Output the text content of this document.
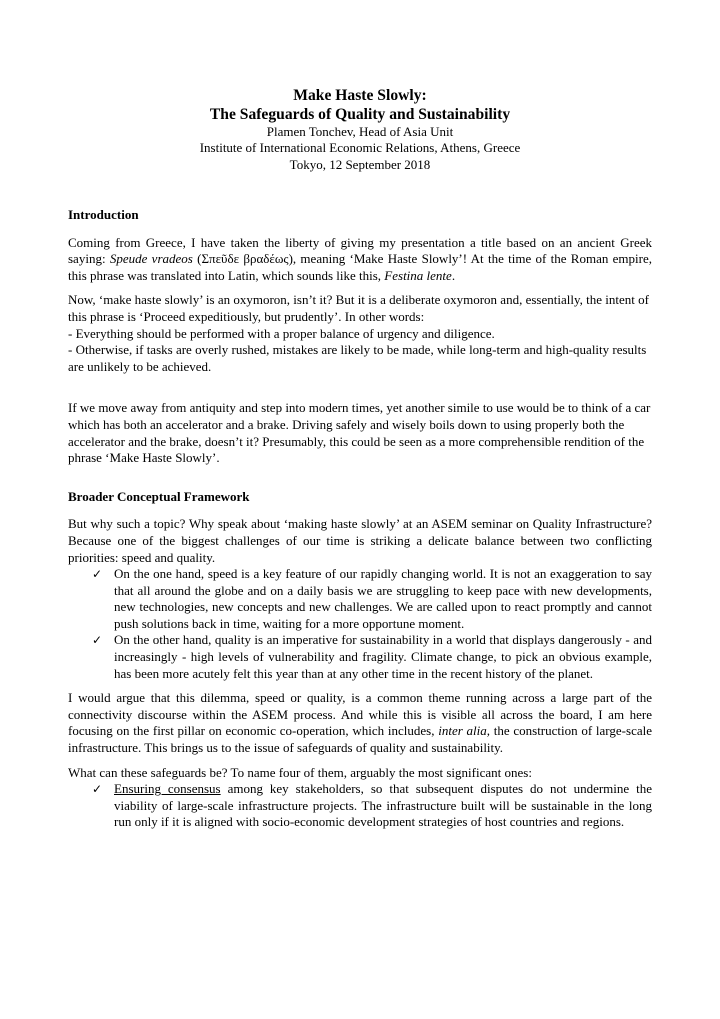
Make Haste Slowly:

The Safeguards of Quality and Sustainability

Plamen Tonchev, Head of Asia Unit

Institute of International Economic Relations, Athens, Greece

Tokyo, 12 September 2018

Introduction

Coming from Greece, I have taken the liberty of giving my presentation a title based on an ancient Greek saying: Speude vradeos (Σπεῦδε βραδέως), meaning ‘Make Haste Slowly’! At the time of the Roman empire, this phrase was translated into Latin, which sounds like this, Festina lente.

Now, ‘make haste slowly’ is an oxymoron, isn’t it? But it is a deliberate oxymoron and, essentially, the intent of this phrase is ‘Proceed expeditiously, but prudently’. In other words:

- Everything should be performed with a proper balance of urgency and diligence.

- Otherwise, if tasks are overly rushed, mistakes are likely to be made, while long-term and high-quality results are unlikely to be achieved.

If we move away from antiquity and step into modern times, yet another simile to use would be to think of a car which has both an accelerator and a brake. Driving safely and wisely boils down to using properly both the accelerator and the brake, doesn’t it? Presumably, this could be seen as a more comprehensible rendition of the phrase ‘Make Haste Slowly’.

Broader Conceptual Framework

But why such a topic? Why speak about ‘making haste slowly’ at an ASEM seminar on Quality Infrastructure? Because one of the biggest challenges of our time is striking a delicate balance between two conflicting priorities: speed and quality.

✓ On the one hand, speed is a key feature of our rapidly changing world. It is not an exaggeration to say that all around the globe and on a daily basis we are struggling to keep pace with new developments, new technologies, new concepts and new challenges. We are called upon to react promptly and cannot push solutions back in time, waiting for a more opportune moment.
✓ On the other hand, quality is an imperative for sustainability in a world that displays dangerously - and increasingly - high levels of vulnerability and fragility. Climate change, to pick an obvious example, has been more acutely felt this year than at any other time in the recent history of the planet.

I would argue that this dilemma, speed or quality, is a common theme running across a large part of the connectivity discourse within the ASEM process. And while this is visible all across the board, I am here focusing on the first pillar on economic co-operation, which includes, inter alia, the construction of large-scale infrastructure. This brings us to the issue of safeguards of quality and sustainability.

What can these safeguards be? To name four of them, arguably the most significant ones:

✓ Ensuring consensus among key stakeholders, so that subsequent disputes do not undermine the viability of large-scale infrastructure projects. The infrastructure built will be sustainable in the long run only if it is aligned with socio-economic development strategies of host countries and regions.
